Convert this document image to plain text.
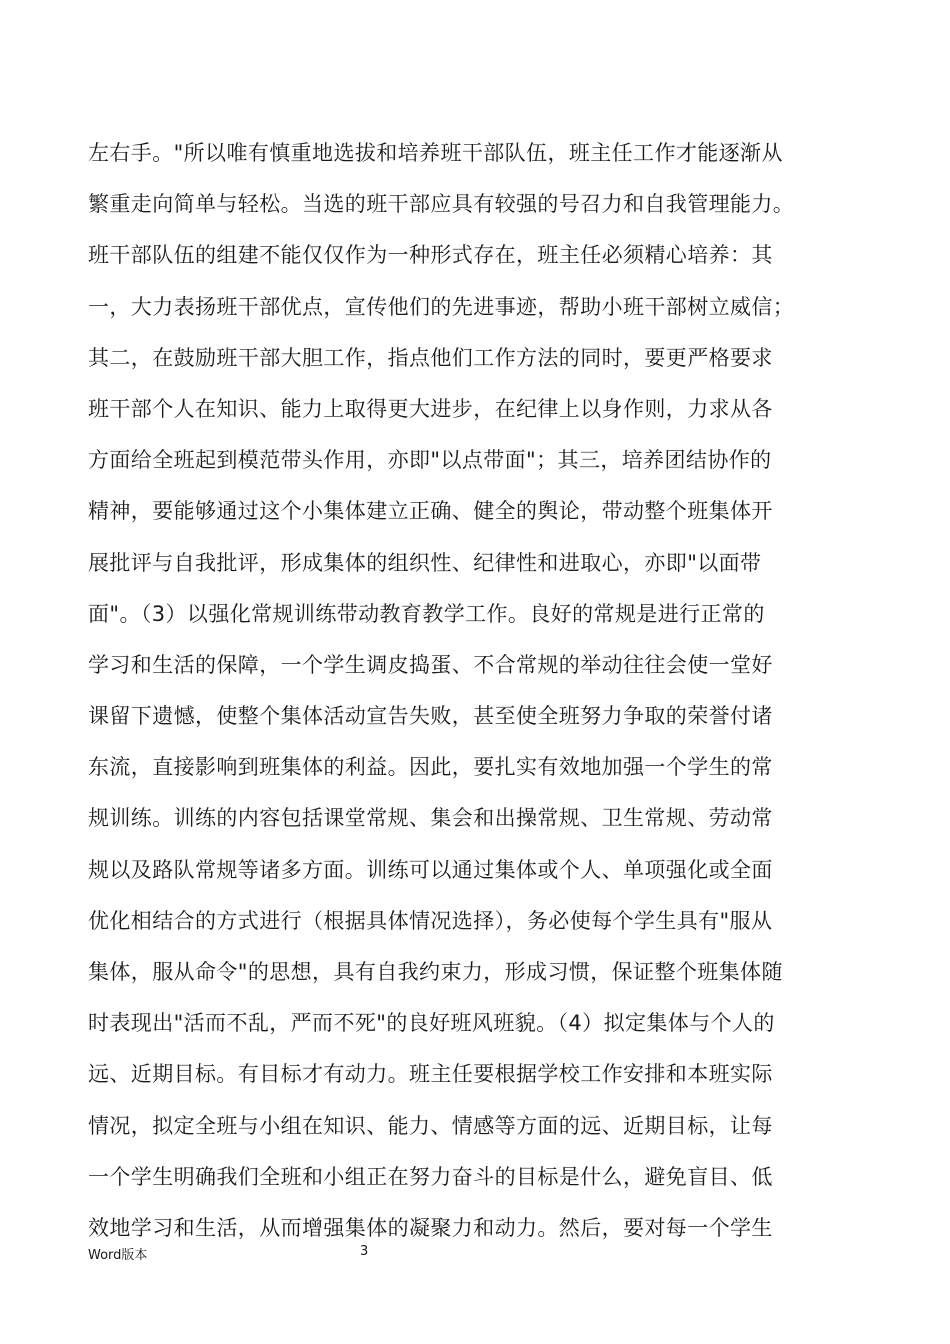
左右手。"所以唯有慎重地选拔和培养班干部队伍，班主任工作才能逐渐从
繁重走向简单与轻松。当选的班干部应具有较强的号召力和自我管理能力。
班干部队伍的组建不能仅仅作为一种形式存在，班主任必须精心培养：其
一，大力表扬班干部优点，宣传他们的先进事迹，帮助小班干部树立威信；
其二，在鼓励班干部大胆工作，指点他们工作方法的同时，要更严格要求
班干部个人在知识、能力上取得更大进步，在纪律上以身作则，力求从各
方面给全班起到模范带头作用，亦即"以点带面"；其三，培养团结协作的
精神，要能够通过这个小集体建立正确、健全的舆论，带动整个班集体开
展批评与自我批评，形成集体的组织性、纪律性和进取心，亦即"以面带
面"。（3）以强化常规训练带动教育教学工作。良好的常规是进行正常的
学习和生活的保障，一个学生调皮捣蛋、不合常规的举动往往会使一堂好
课留下遗憾，使整个集体活动宣告失败，甚至使全班努力争取的荣誉付诸
东流，直接影响到班集体的利益。因此，要扎实有效地加强一个学生的常
规训练。训练的内容包括课堂常规、集会和出操常规、卫生常规、劳动常
规以及路队常规等诸多方面。训练可以通过集体或个人、单项强化或全面
优化相结合的方式进行（根据具体情况选择），务必使每个学生具有"服从
集体，服从命令"的思想，具有自我约束力，形成习惯，保证整个班集体随
时表现出"活而不乱，严而不死"的良好班风班貌。（4）拟定集体与个人的
远、近期目标。有目标才有动力。班主任要根据学校工作安排和本班实际
情况，拟定全班与小组在知识、能力、情感等方面的远、近期目标，让每
一个学生明确我们全班和小组正在努力奋斗的目标是什么，避免盲目、低
效地学习和生活，从而增强集体的凝聚力和动力。然后，要对每一个学生
Word版本	3
